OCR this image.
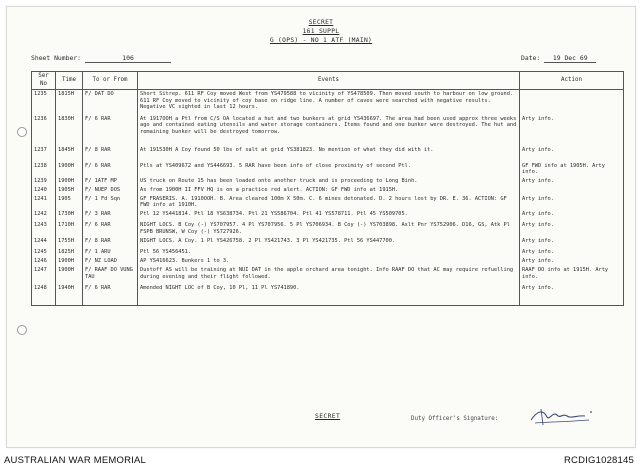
SECRET
161 SUPPL
G (OPS) - NO 1 ATF (MAIN)
Sheet Number:	106	Date: 19 Dec 69
Ser No	Time	To or From	Events	Action
1235	1815H	F/ DAT DO	Short Sitrep. 611 RF Coy moved West from YS479588 to vicinity of YS478509. Then moved south to harbour on low ground. 611 RF Coy moved to vicinity of coy base on ridge line. A number of caves were searched with negative results. Negative VC sighted in last 12 hours.	
1236	1830H	F/ 6 RAR	At 1917OOH a Ptl from C/S OA located a hut and two bunkers at grid YS436697. The area had been used approx three weeks ago and contained eating utensils and water storage containers. Items found and one bunker were destroyed. The hut and remaining bunker will be destroyed tomorrow.	Arty info.
1237	1845H	F/ 8 RAR	At 191530H A Coy found 50 lbs of salt at grid YS381823. No mention of what they did with it.	Arty info.
1238	1900H	F/ 6 RAR	Ptls at YS409672 and YS446693. 5 RAR have been info of close proximity of second Ptl.	GF FWD info at 1905H. Arty info.
1239	1900H	F/ 1ATF MP	US truck on Route 15 has been loaded onto another truck and is proceeding to Long Binh.	Arty info.
1240	1905H	F/ NUEP DOS	As from 1900H II FFV HQ is on a practice red alert. ACTION: GF FWD info at 1915H.	
1241	1905	F/ 1 Fd Sqn	GF FRASERIS. A. 1910OOH. B. Area cleared 100m X 50m. C. 6 mines detonated. D. 2 hours lost by DR. E. 36. ACTION: GF FWD info at 1910H.	Arty info.
1242	1730H	F/ 3 RAR	Ptl 12 YS441814. Ptl 18 YS638734. Ptl 21 YS586704. Ptl 41 YS578711. Ptl 45 YS509705.	Arty info.
1243	1710H	F/ 6 RAR	NIGHT LOCS. B Coy (-) YS707957. 4 Pl YS707956. 5 Pl YS706934. B Coy (-) YS703898. Aslt Pnr YS752906. D16, GS, Atk Pl FSPB BRUNSW, W Coy (-) YS727926.	Arty info.
1244	1755H	F/ 8 RAR	NIGHT LOCS. A Coy. 1 Pl YS426758. 2 Pl YS421743. 3 Pl YS421735. Ptl 56 YS447700.	Arty info.
1245	1825H	F/ 1 ARU	Ptl 56 YS456451.	Arty info.
1246	1900H	F/ NZ LOAD	AP YS416623. Bunkers 1 to 3.	Arty info.
1247	1900H	F/ RAAF DO VUNG TAU	Dustoff AS will be training at NUI DAT in the apple orchard area tonight. Info RAAF DO that AC may require refuelling during evening and their flight followed.	RAAF DO info at 1915H. Arty info.
1248	1940H	F/ 6 RAR	Amended NIGHT LOC of B Coy, 10 Pl, 11 Pl YS741890.	Arty info.
SECRET	Duty Officer's Signature:
AUSTRALIAN WAR MEMORIAL	RCDIG1028145
